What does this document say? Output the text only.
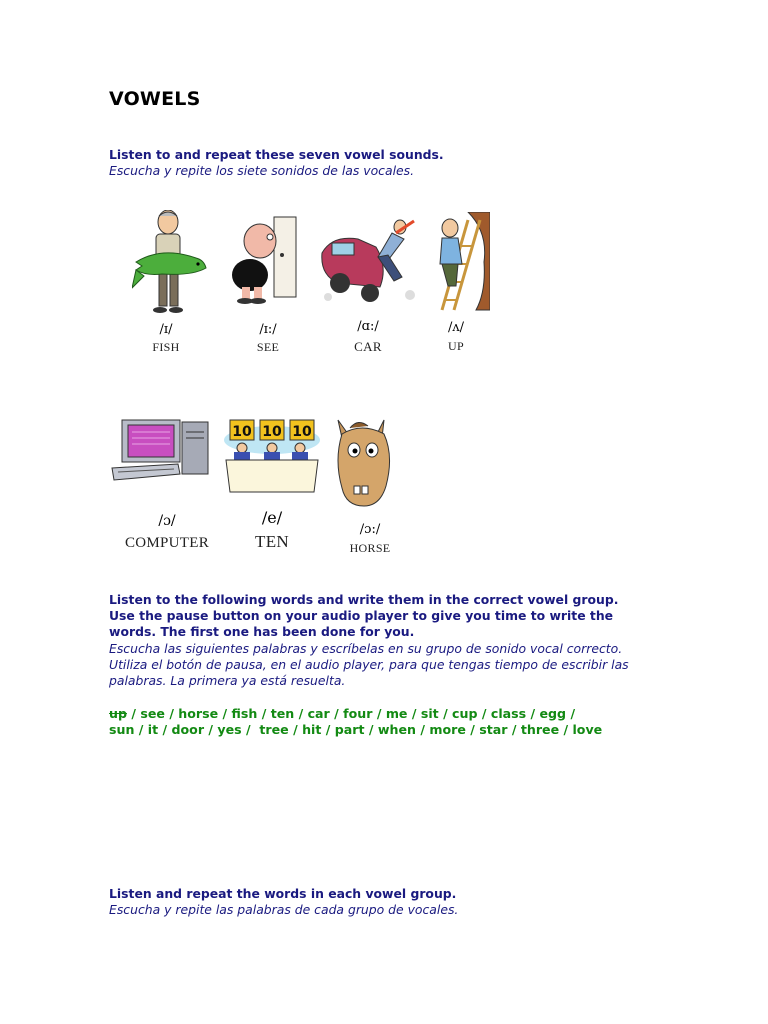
VOWELS
Listen to and repeat these seven vowel sounds.
Escucha y repite los siete sonidos de las vocales.
/ɪ/
FISH
/ɪ:/
SEE
/ɑ:/
CAR
/ʌ/
UP
10 10 10
/ɔ/
COMPUTER
/e/
TEN
/ɔ:/
HORSE
Listen to the following words and write them in the correct vowel group.
Use the pause button on your audio player to give you time to write the
words. The first one has been done for you.
Escucha las siguientes palabras y escríbelas en su grupo de sonido vocal correcto.
Utiliza el botón de pausa, en el audio player, para que tengas tiempo de escribir las
palabras. La primera ya está resuelta.
up / see / horse / fish / ten / car / four / me / sit / cup / class / egg /
sun / it / door / yes /  tree / hit / part / when / more / star / three / love
Listen and repeat the words in each vowel group.
Escucha y repite las palabras de cada grupo de vocales.
